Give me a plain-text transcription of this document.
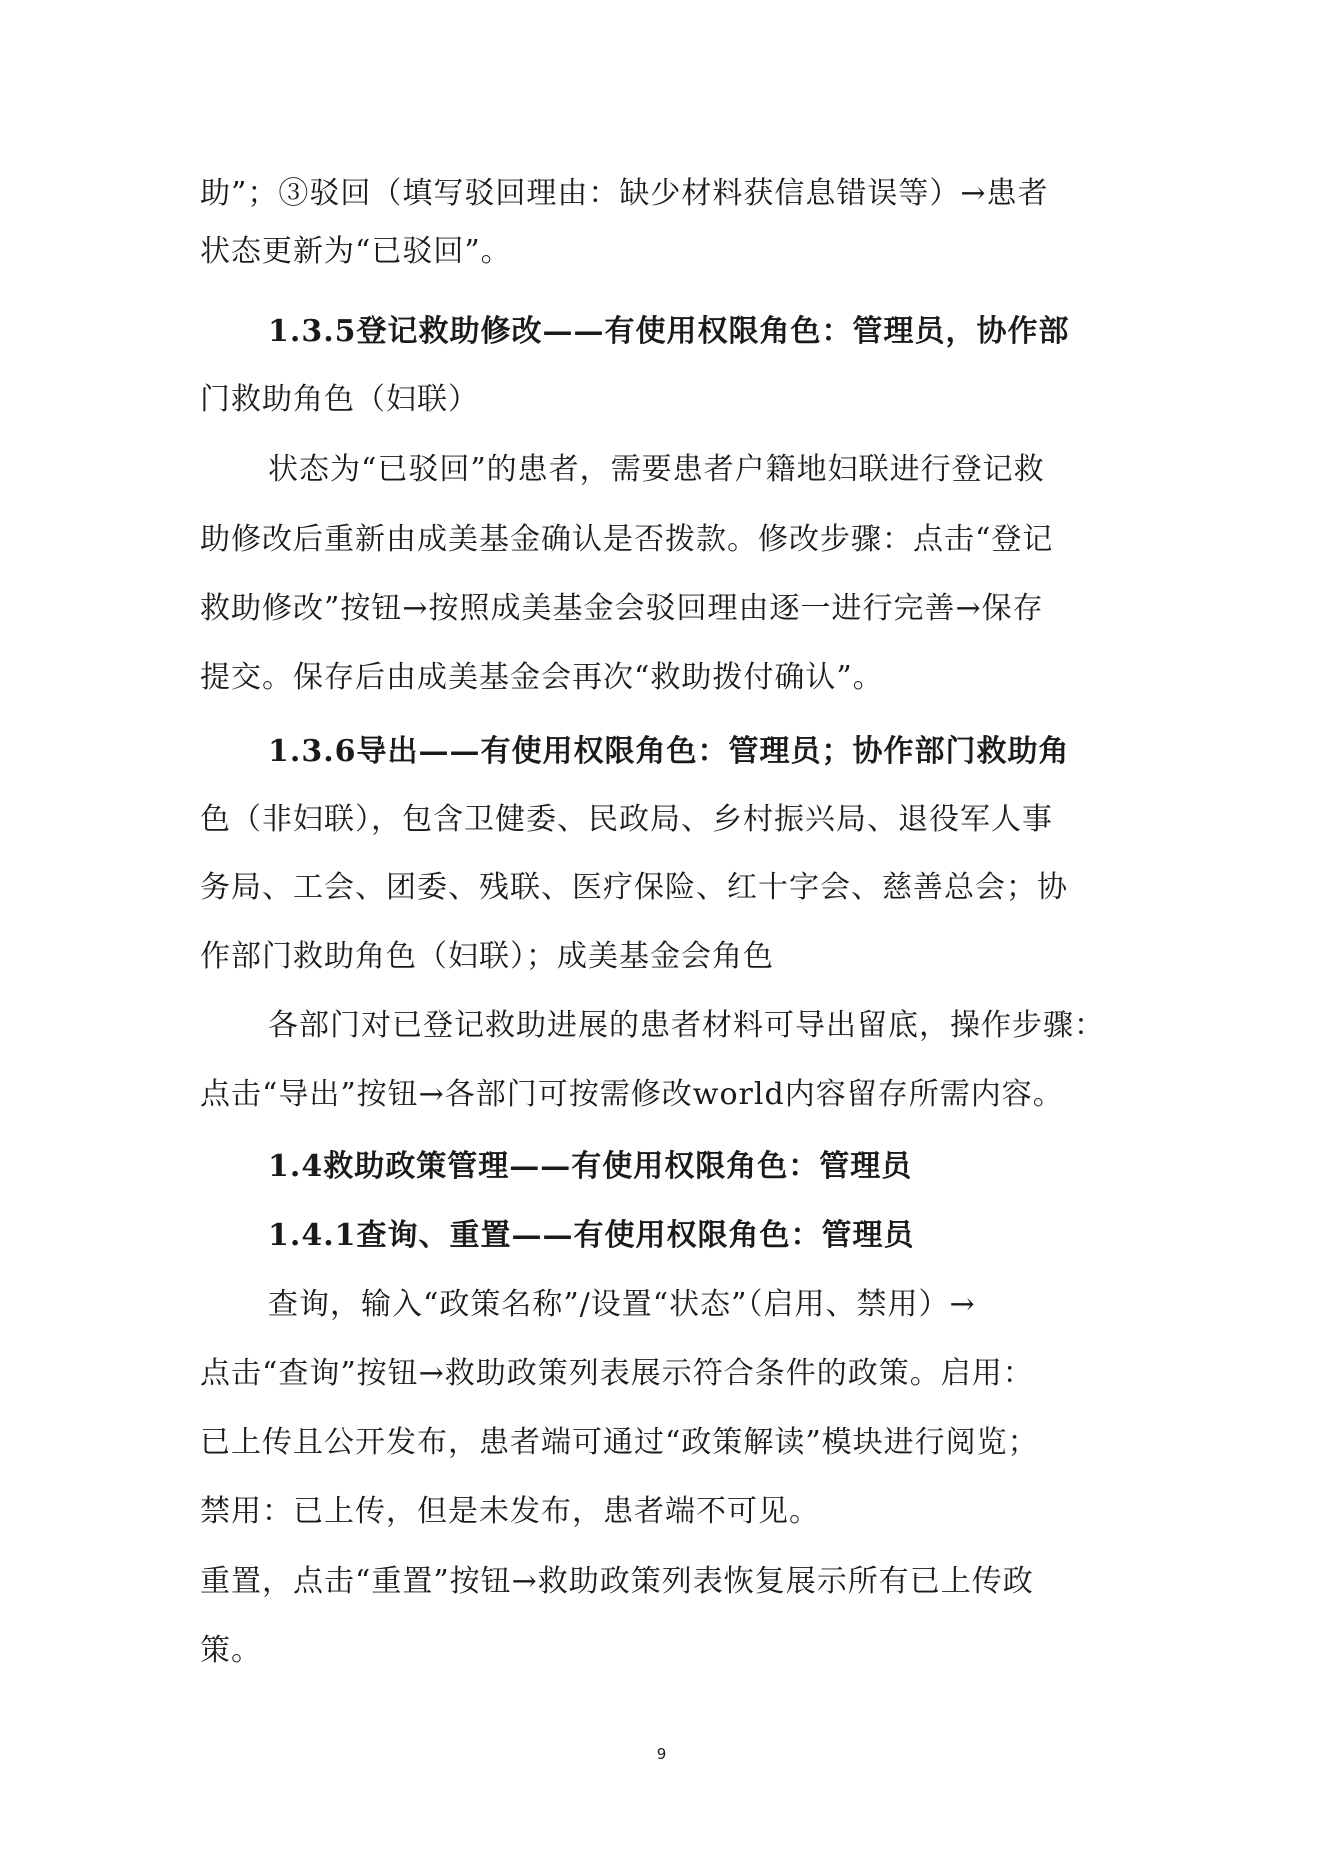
助”；③驳回（填写驳回理由：缺少材料获信息错误等）→患者
状态更新为“已驳回”。
1.3.5登记救助修改——有使用权限角色：管理员，协作部
门救助角色（妇联）
状态为“已驳回”的患者，需要患者户籍地妇联进行登记救
助修改后重新由成美基金确认是否拨款。修改步骤：点击“登记
救助修改”按钮→按照成美基金会驳回理由逐一进行完善→保存
提交。保存后由成美基金会再次“救助拨付确认”。
1.3.6导出——有使用权限角色：管理员；协作部门救助角
色（非妇联），包含卫健委、民政局、乡村振兴局、退役军人事
务局、工会、团委、残联、医疗保险、红十字会、慈善总会；协
作部门救助角色（妇联）；成美基金会角色
各部门对已登记救助进展的患者材料可导出留底，操作步骤：
点击“导出”按钮→各部门可按需修改world内容留存所需内容。
1.4救助政策管理——有使用权限角色：管理员
1.4.1查询、重置——有使用权限角色：管理员
查询，输入“政策名称”/设置“状态”（启用、禁用）→
点击“查询”按钮→救助政策列表展示符合条件的政策。启用：
已上传且公开发布，患者端可通过“政策解读”模块进行阅览；
禁用：已上传，但是未发布，患者端不可见。
重置，点击“重置”按钮→救助政策列表恢复展示所有已上传政
策。
9
